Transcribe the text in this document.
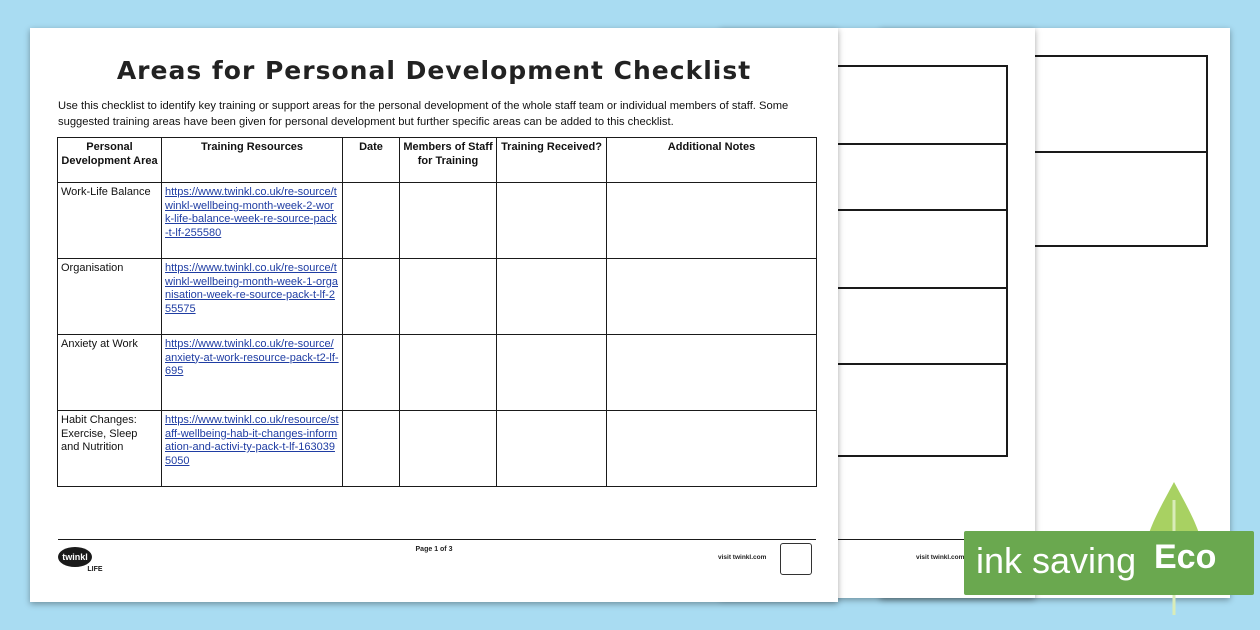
visit twinkl.com
Areas for Personal Development Checklist
Use this checklist to identify key training or support areas for the personal development of the whole staff team or individual members of staff. Some suggested training areas have been given for personal development but further specific areas can be added to this checklist.
Personal Development Area	Training Resources	Date	Members of Staff for Training	Training Received?	Additional Notes
Work-Life Balance	https://www.twinkl.co.uk/re-source/twinkl-wellbeing-month-week-2-work-life-balance-week-re-source-pack-t-lf-255580				
Organisation	https://www.twinkl.co.uk/re-source/twinkl-wellbeing-month-week-1-organisation-week-re-source-pack-t-lf-255575				
Anxiety at Work	https://www.twinkl.co.uk/re-source/anxiety-at-work-resource-pack-t2-lf-695				
Habit Changes: Exercise, Sleep and Nutrition	https://www.twinkl.co.uk/resource/staff-wellbeing-hab-it-changes-information-and-activi-ty-pack-t-lf-1630395050				
twinkl
LIFE
Page 1 of 3
visit twinkl.com	ink saving Eco
